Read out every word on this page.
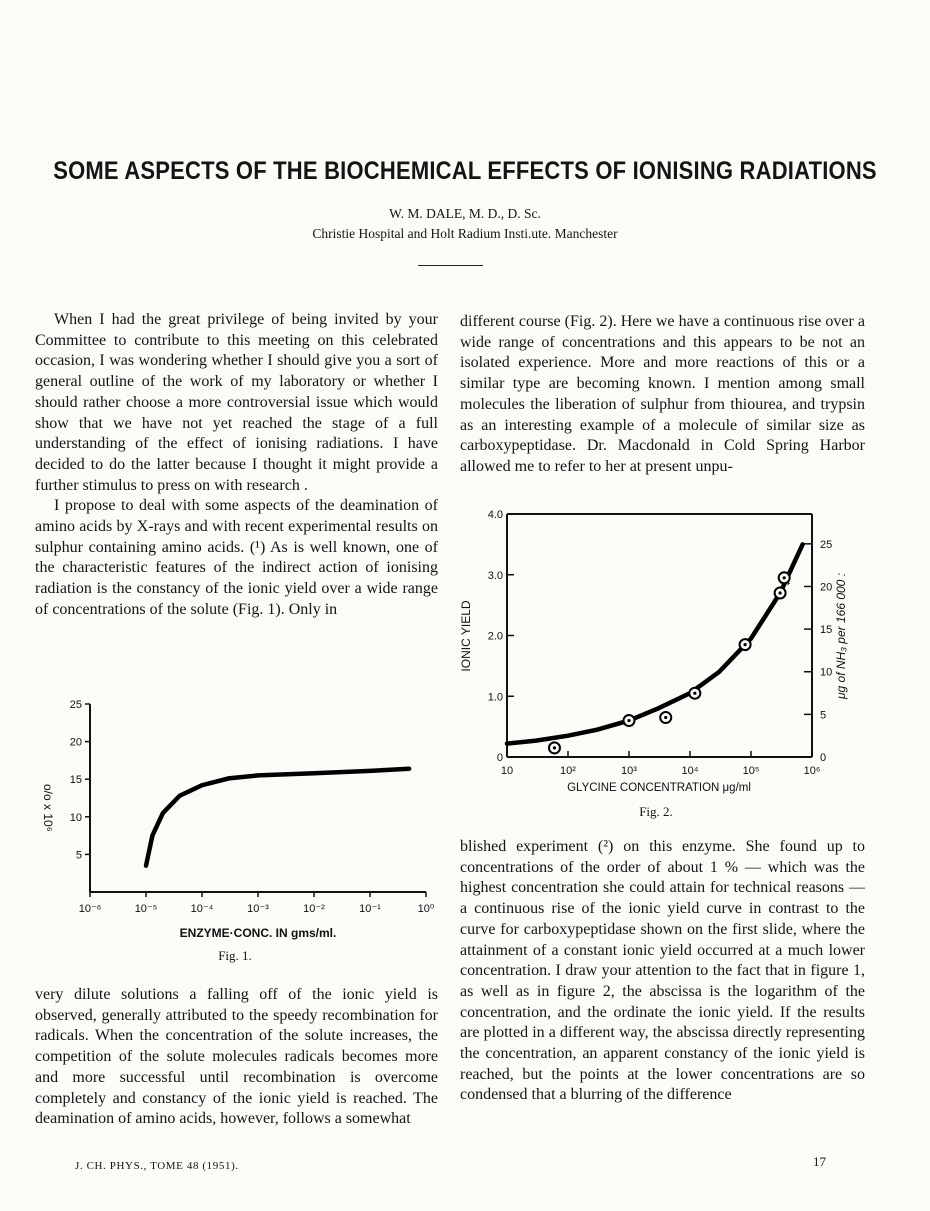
SOME ASPECTS OF THE BIOCHEMICAL EFFECTS OF IONISING RADIATIONS
W. M. DALE, M. D., D. Sc.
Christie Hospital and Holt Radium Insti.ute. Manchester

When I had the great privilege of being invited by your Committee to contribute to this meeting on this celebrated occasion, I was wondering whether I should give you a sort of general outline of the work of my laboratory or whether I should rather choose a more controversial issue which would show that we have not yet reached the stage of a full understanding of the effect of ionising radiations. I have decided to do the latter because I thought it might provide a further stimulus to press on with research .

I propose to deal with some aspects of the deamination of amino acids by X-rays and with recent experimental results on sulphur containing amino acids. (¹) As is well known, one of the characteristic features of the indirect action of ionising radiation is the constancy of the ionic yield over a wide range of concentrations of the solute (Fig. 1). Only in

5
10
15
20
25
10⁻⁶	10⁻⁵	10⁻⁴	10⁻³	10⁻²	10⁻¹	10⁰
o/o x 10⁶
ENZYME·CONC. IN gms/ml.
Fig. 1.

very dilute solutions a falling off of the ionic yield is observed, generally attributed to the speedy recombination for radicals. When the concentration of the solute increases, the competition of the solute molecules radicals becomes more and more successful until recombination is overcome completely and constancy of the ionic yield is reached. The deamination of amino acids, however, follows a somewhat

different course (Fig. 2). Here we have a continuous rise over a wide range of concentrations and this appears to be not an isolated experience. More and more reactions of this or a similar type are becoming known. I mention among small molecules the liberation of sulphur from thiourea, and trypsin as an interesting example of a molecule of similar size as carboxypeptidase. Dr. Macdonald in Cold Spring Harbor allowed me to refer to her at present unpu-

0
1.0
2.0
3.0
4.0
0
5
10
15
20
25
10	10²	10³	10⁴	10⁵	10⁶
→
IONIC YIELD	μg of NH₃ per 166 000 :
GLYCINE CONCENTRATION μg/ml
Fig. 2.

blished experiment (²) on this enzyme. She found up to concentrations of the order of about 1 % — which was the highest concentration she could attain for technical reasons — a continuous rise of the ionic yield curve in contrast to the curve for carboxypeptidase shown on the first slide, where the attainment of a constant ionic yield occurred at a much lower concentration. I draw your attention to the fact that in figure 1, as well as in figure 2, the abscissa is the logarithm of the concentration, and the ordinate the ionic yield. If the results are plotted in a different way, the abscissa directly representing the concentration, an apparent constancy of the ionic yield is reached, but the points at the lower concentrations are so condensed that a blurring of the difference

J. CH. PHYS., TOME 48 (1951).	17
